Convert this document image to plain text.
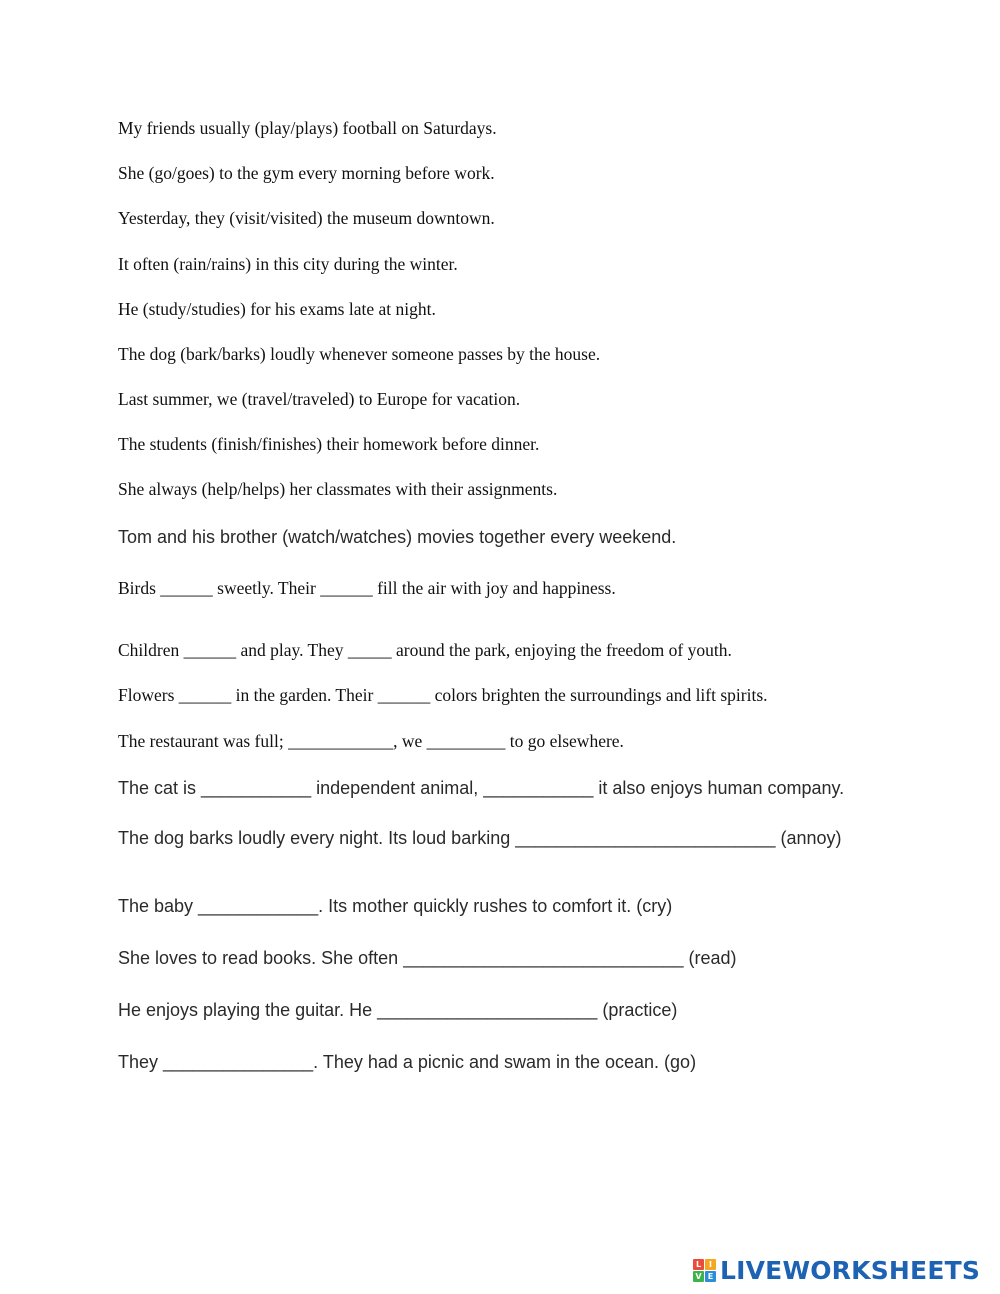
My friends usually (play/plays) football on Saturdays.
She (go/goes) to the gym every morning before work.
Yesterday, they (visit/visited) the museum downtown.
It often (rain/rains) in this city during the winter.
He (study/studies) for his exams late at night.
The dog (bark/barks) loudly whenever someone passes by the house.
Last summer, we (travel/traveled) to Europe for vacation.
The students (finish/finishes) their homework before dinner.
She always (help/helps) her classmates with their assignments.
Tom and his brother (watch/watches) movies together every weekend.
Birds ______ sweetly. Their ______ fill the air with joy and happiness.
Children ______ and play. They _____ around the park, enjoying the freedom of youth.
Flowers ______ in the garden. Their ______ colors brighten the surroundings and lift spirits.
The restaurant was full; ____________, we _________ to go elsewhere.
The cat is ___________ independent animal, ___________ it also enjoys human company.
The dog barks loudly every night. Its loud barking __________________________ (annoy)
The baby ____________. Its mother quickly rushes to comfort it. (cry)
She loves to read books. She often ____________________________ (read)
He enjoys playing the guitar. He ______________________ (practice)
They _______________. They had a picnic and swam in the ocean. (go)
L I
V E LIVEWORKSHEETS
